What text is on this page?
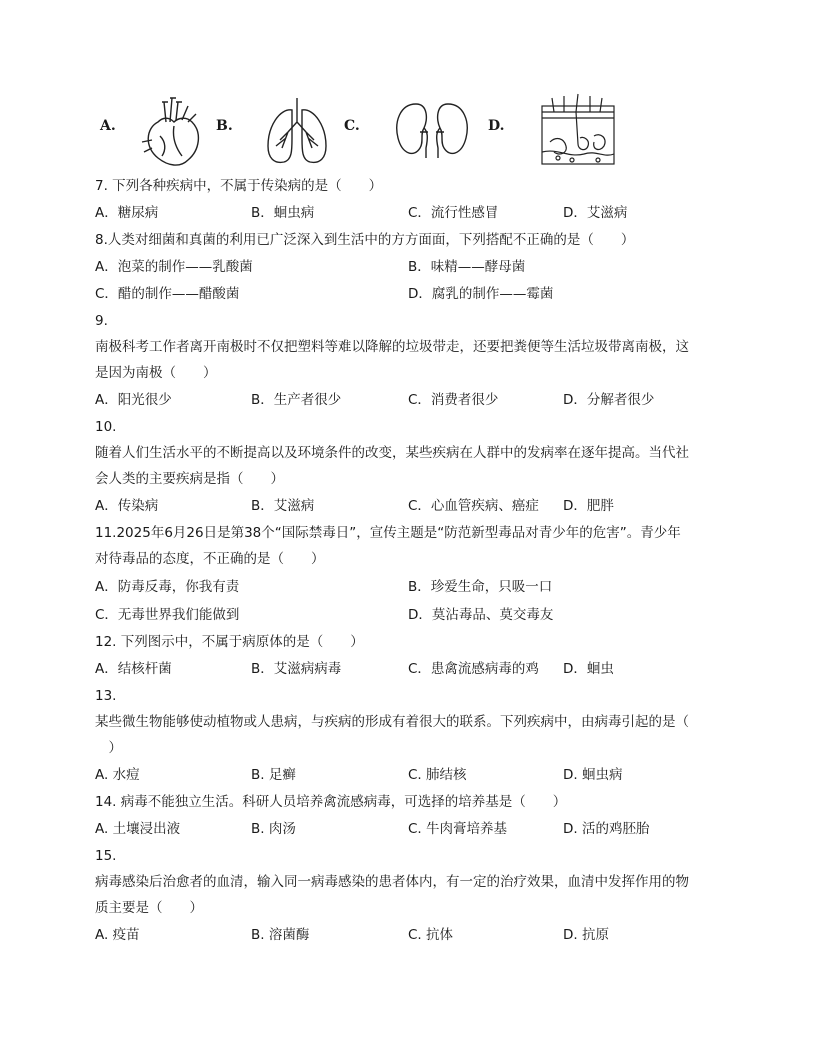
A.	B.	C.	D.
7. 下列各种疾病中，不属于传染病的是（　　）
A．糖尿病	B．蛔虫病	C．流行性感冒	D．艾滋病
8.人类对细菌和真菌的利用已广泛深入到生活中的方方面面，下列搭配不正确的是（　　）
A．泡菜的制作——乳酸菌	B．味精——酵母菌
C．醋的制作——醋酸菌	D．腐乳的制作——霉菌
9.
南极科考工作者离开南极时不仅把塑料等难以降解的垃圾带走，还要把粪便等生活垃圾带离南极，这
是因为南极（　　）
A．阳光很少	B．生产者很少	C．消费者很少	D．分解者很少
10.
随着人们生活水平的不断提高以及环境条件的改变，某些疾病在人群中的发病率在逐年提高。当代社
会人类的主要疾病是指（　　）
A．传染病	B．艾滋病	C．心血管疾病、癌症 D．肥胖
11.2025年6月26日是第38个“国际禁毒日”，宣传主题是“防范新型毒品对青少年的危害”。青少年
对待毒品的态度，不正确的是（　　）
A．防毒反毒，你我有责	B．珍爱生命，只吸一口
C．无毒世界我们能做到	D．莫沾毒品、莫交毒友
12. 下列图示中，不属于病原体的是（　　）
A．结核杆菌	B．艾滋病病毒	C．患禽流感病毒的鸡 D．蛔虫
13.
某些微生物能够使动植物或人患病，与疾病的形成有着很大的联系。下列疾病中，由病毒引起的是（
　）
A. 水痘	B. 足癣	C. 肺结核	D. 蛔虫病
14. 病毒不能独立生活。科研人员培养禽流感病毒，可选择的培养基是（　　）
A. 土壤浸出液	B. 肉汤	C. 牛肉膏培养基	D. 活的鸡胚胎
15.
病毒感染后治愈者的血清，输入同一病毒感染的患者体内，有一定的治疗效果，血清中发挥作用的物
质主要是（　　）
A. 疫苗	B. 溶菌酶	C. 抗体	D. 抗原
